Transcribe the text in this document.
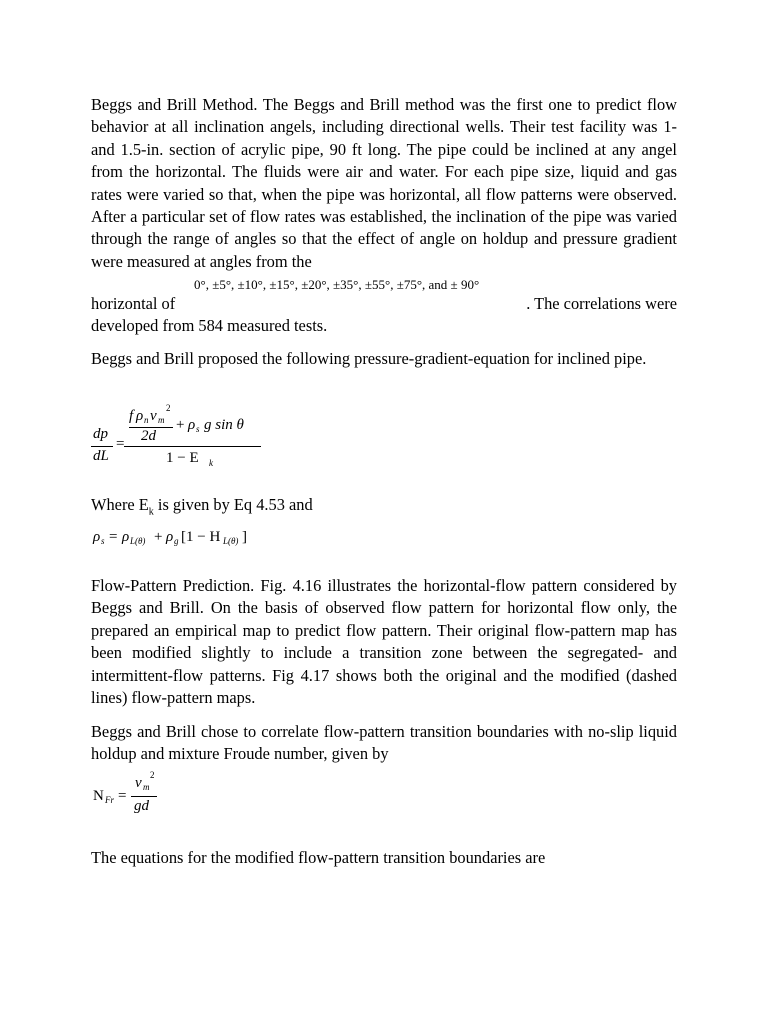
Beggs and Brill Method. The Beggs and Brill method was the first one to predict flow behavior at all inclination angels, including directional wells. Their test facility was 1-and 1.5-in. section of acrylic pipe, 90 ft long. The pipe could be inclined at any angel from the horizontal. The fluids were air and water. For each pipe size, liquid and gas rates were varied so that, when the pipe was horizontal, all flow patterns were observed. After a particular set of flow rates was established, the inclination of the pipe was varied through the range of angles so that the effect of angle on holdup and pressure gradient were measured at angles from the

0°, ±5°, ±10°, ±15°, ±20°, ±35°, ±55°, ±75°, and ± 90°
horizontal of	. The correlations were
developed from 584 measured tests.

Beggs and Brill proposed the following pressure-gradient-equation for inclined pipe.

dp
dL
=
f ρ n v m
2
2d
+ ρ s g sin θ
1 − E k
Where $E_k$ is given by Eq 4.53 and
ρ s = ρ L(θ) + ρ g [1 − H L(θ) ]

Flow-Pattern Prediction. Fig. 4.16 illustrates the horizontal-flow pattern considered by Beggs and Brill. On the basis of observed flow pattern for horizontal flow only, the prepared an empirical map to predict flow pattern. Their original flow-pattern map has been modified slightly to include a transition zone between the segregated- and intermittent-flow patterns. Fig 4.17 shows both the original and the modified (dashed lines) flow-pattern maps.

Beggs and Brill chose to correlate flow-pattern transition boundaries with no-slip liquid holdup and mixture Froude number, given by

N Fr =
v m
2
gd

The equations for the modified flow-pattern transition boundaries are
